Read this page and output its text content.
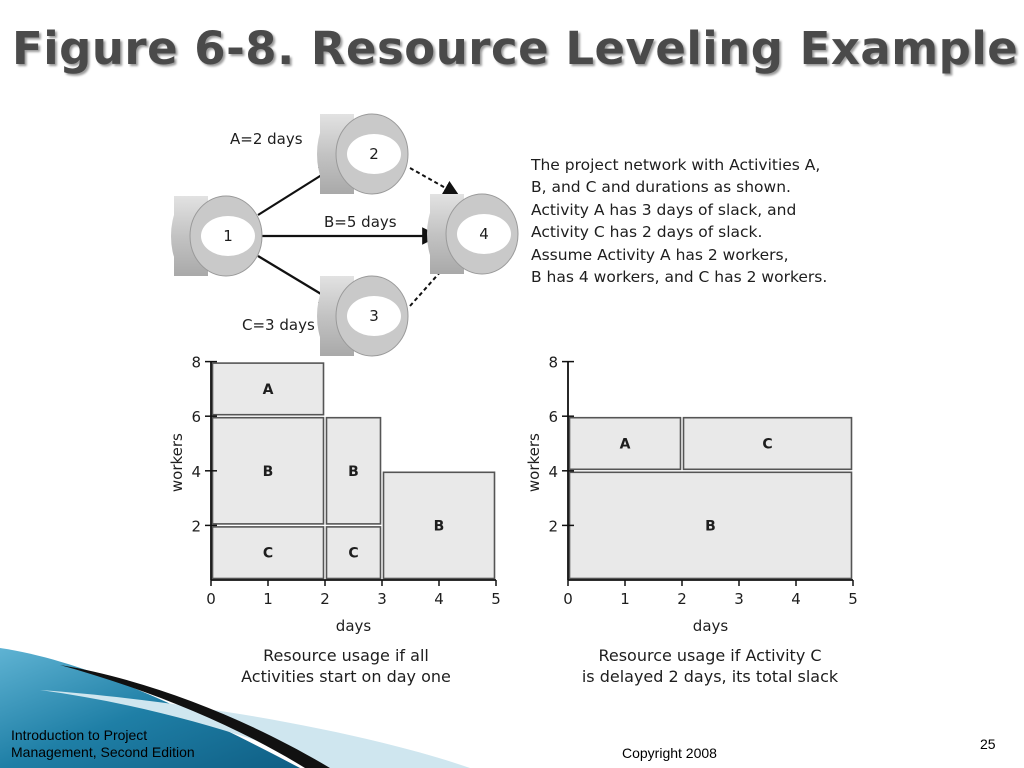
A=2 days
B=5 days
C=3 days
1
2
3
4
C
B
A
C
B
B
0	1	2	3	4	5
2
4
6
8
days
workers
B
A	C
0	1	2	3	4	5
2
4
6
8
days
workers
Figure 6-8. Resource Leveling Example
The project network with Activities A,
B, and C and durations as shown.
Activity A has 3 days of slack, and
Activity C has 2 days of slack.
Assume Activity A has 2 workers,
B has 4 workers, and C has 2 workers.
Resource usage if all
Activities start on day one
Resource usage if Activity C
is delayed 2 days, its total slack
Introduction to Project
Management, Second Edition	Copyright 2008
25
